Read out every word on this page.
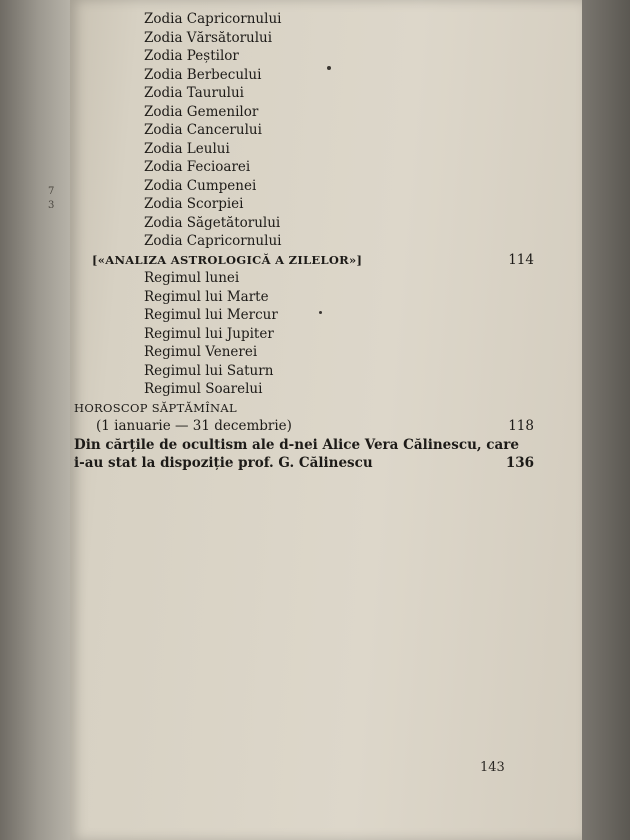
7
3
Zodia Capricornului
Zodia Vărsătorului
Zodia Peștilor
Zodia Berbecului
Zodia Taurului
Zodia Gemenilor
Zodia Cancerului
Zodia Leului
Zodia Fecioarei
Zodia Cumpenei
Zodia Scorpiei
Zodia Săgetătorului
Zodia Capricornului
[«ANALIZA ASTROLOGICĂ A ZILELOR»]	114
Regimul lunei
Regimul lui Marte
Regimul lui Mercur
Regimul lui Jupiter
Regimul Venerei
Regimul lui Saturn
Regimul Soarelui
HOROSCOP SĂPTĂMÎNAL
(1 ianuarie — 31 decembrie)	118
Din cărțile de ocultism ale d-nei Alice Vera Călinescu, care
i-au stat la dispoziție prof. G. Călinescu	136
143
